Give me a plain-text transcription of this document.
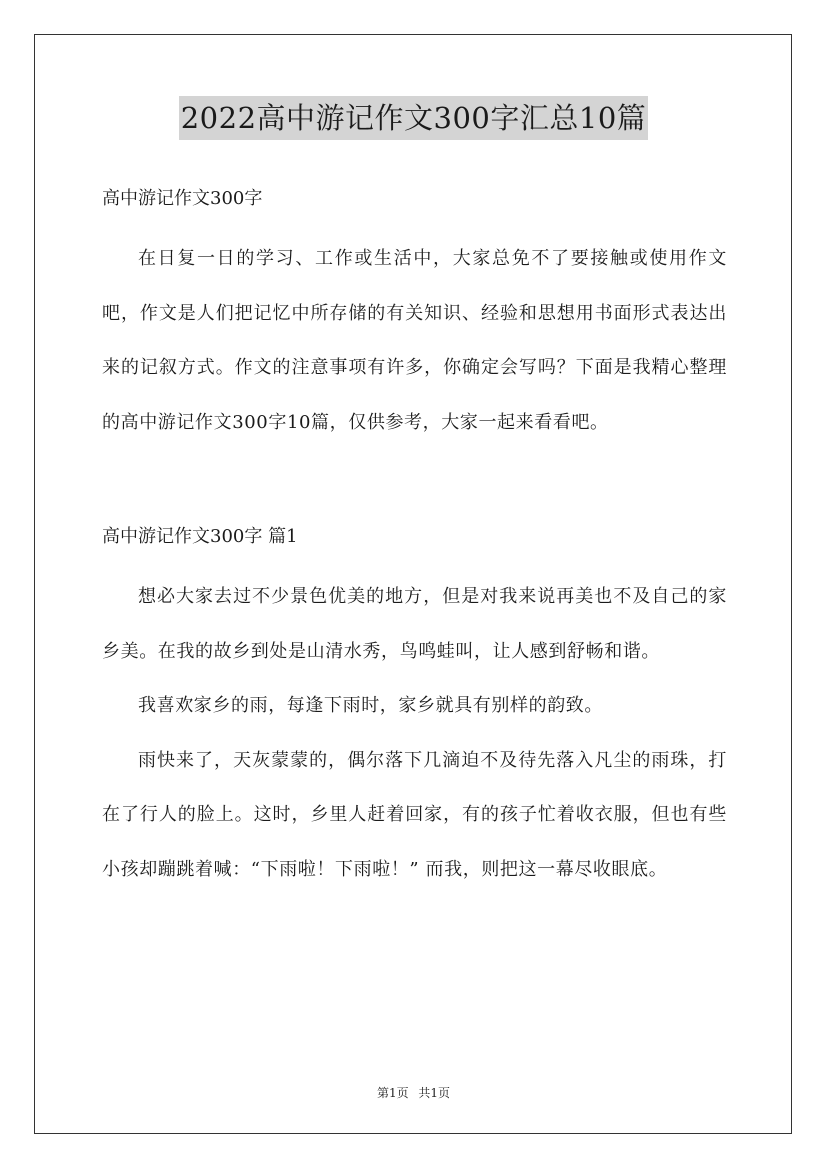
2022高中游记作文300字汇总10篇

高中游记作文300字

在日复一日的学习、工作或生活中，大家总免不了要接触或使用作文吧，作文是人们把记忆中所存储的有关知识、经验和思想用书面形式表达出来的记叙方式。作文的注意事项有许多，你确定会写吗？下面是我精心整理的高中游记作文300字10篇，仅供参考，大家一起来看看吧。

高中游记作文300字 篇1

想必大家去过不少景色优美的地方，但是对我来说再美也不及自己的家乡美。在我的故乡到处是山清水秀，鸟鸣蛙叫，让人感到舒畅和谐。

我喜欢家乡的雨，每逢下雨时，家乡就具有别样的韵致。

雨快来了，天灰蒙蒙的，偶尔落下几滴迫不及待先落入凡尘的雨珠，打在了行人的脸上。这时，乡里人赶着回家，有的孩子忙着收衣服，但也有些小孩却蹦跳着喊：“下雨啦！下雨啦！” 而我，则把这一幕尽收眼底。

第1页 共1页
